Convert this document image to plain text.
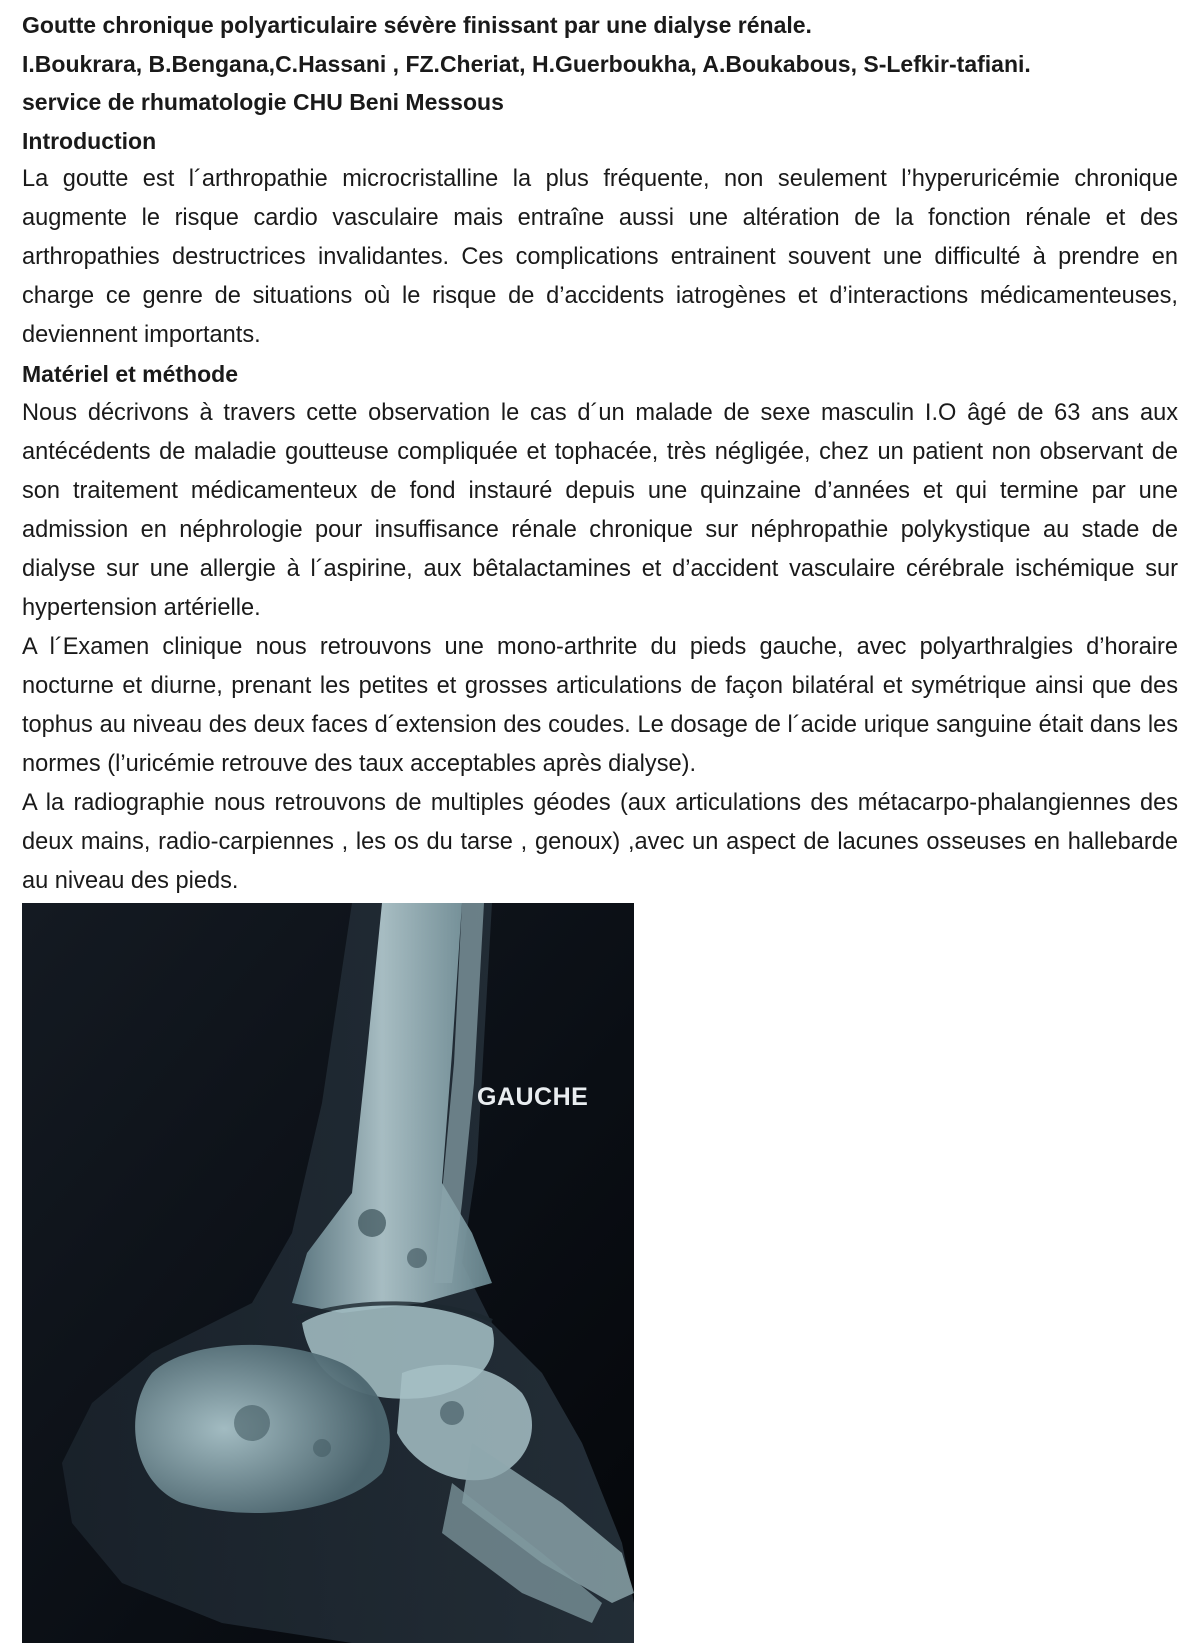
Goutte chronique polyarticulaire sévère finissant par une dialyse rénale.
I.Boukrara, B.Bengana,C.Hassani , FZ.Cheriat, H.Guerboukha, A.Boukabous, S-Lefkir-tafiani.
service de rhumatologie CHU Beni Messous
Introduction

La goutte est l´arthropathie microcristalline la plus fréquente, non seulement l’hyperuricémie chronique augmente le risque cardio vasculaire mais entraîne aussi une altération de la fonction rénale et des arthropathies destructrices invalidantes. Ces complications entrainent souvent une difficulté à prendre en charge ce genre de situations où le risque de d’accidents iatrogènes et d’interactions médicamenteuses, deviennent importants.

Matériel et méthode

Nous décrivons à travers cette observation le cas d´un malade de sexe masculin I.O âgé de 63 ans aux antécédents de maladie goutteuse compliquée et tophacée, très négligée, chez un patient non observant de son traitement médicamenteux de fond instauré depuis une quinzaine d’années et qui termine par une admission en néphrologie pour insuffisance rénale chronique sur néphropathie polykystique au stade de dialyse sur une allergie à l´aspirine, aux bêtalactamines et d’accident vasculaire cérébrale ischémique sur hypertension artérielle.

A l´Examen clinique nous retrouvons une mono-arthrite du pieds gauche, avec polyarthralgies d’horaire nocturne et diurne, prenant les petites et grosses articulations de façon bilatéral et symétrique ainsi que des tophus au niveau des deux faces d´extension des coudes. Le dosage de l´acide urique sanguine était dans les normes (l’uricémie retrouve des taux acceptables après dialyse).

A la radiographie nous retrouvons de multiples géodes (aux articulations des métacarpo-phalangiennes des deux mains, radio-carpiennes , les os du tarse , genoux) ,avec un aspect de lacunes osseuses en hallebarde au niveau des pieds.

GAUCHE
